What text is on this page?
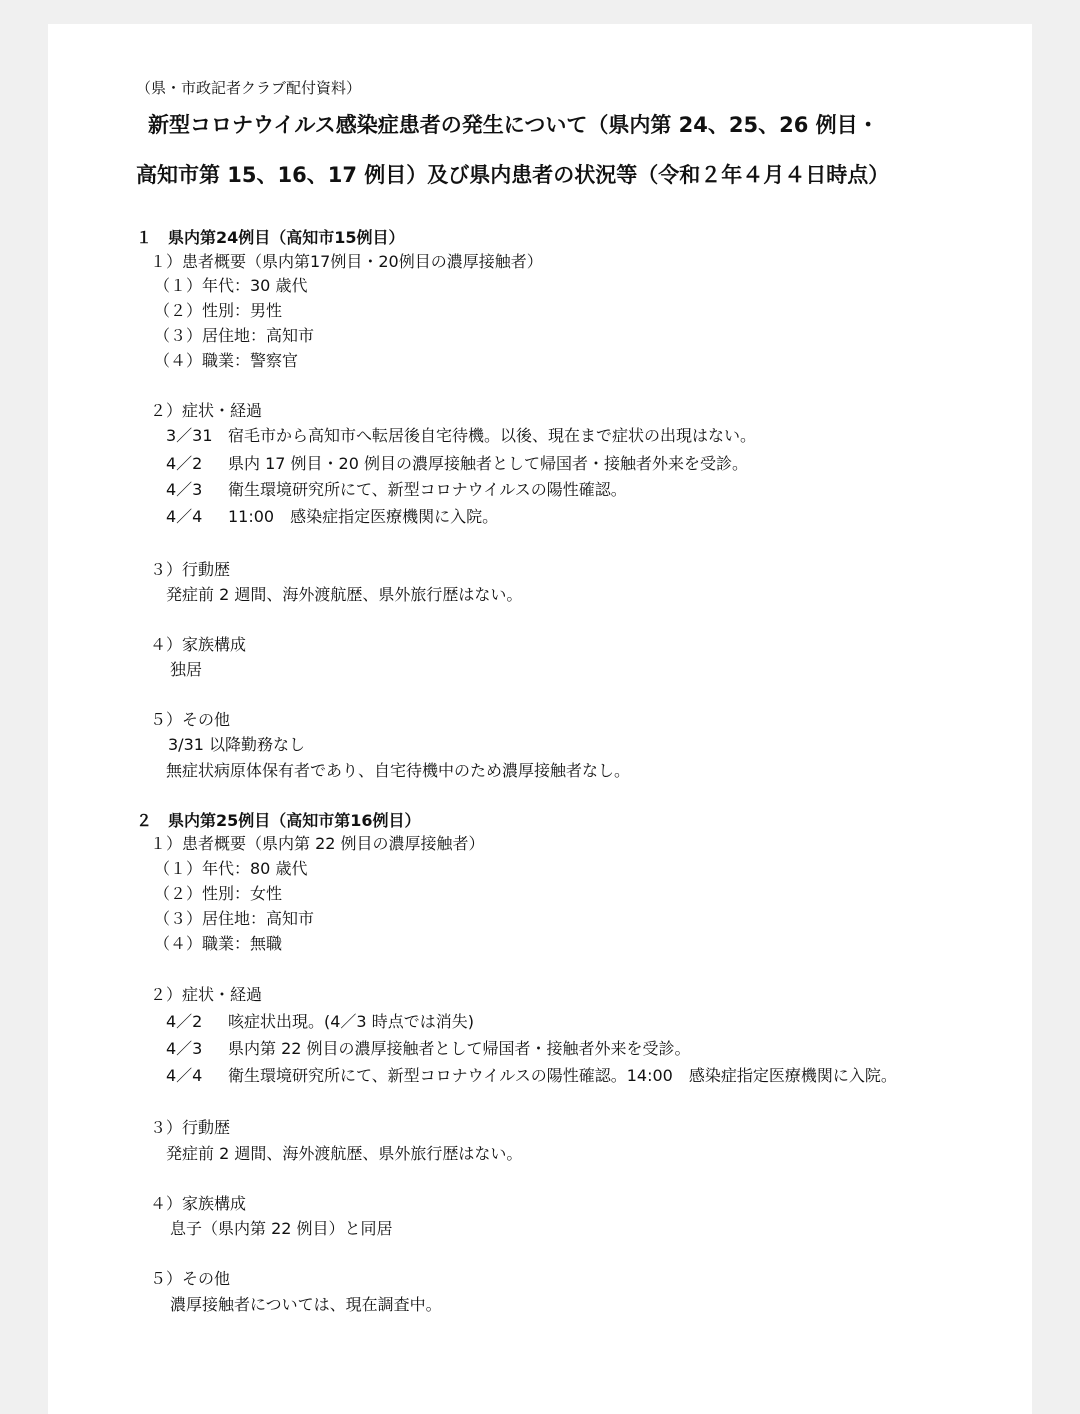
（県・市政記者クラブ配付資料）
新型コロナウイルス感染症患者の発生について（県内第 24、25、26 例目・
高知市第 15、16、17 例目）及び県内患者の状況等（令和２年４月４日時点）
１　県内第24例目（高知市15例目）
１）患者概要（県内第17例目・20例目の濃厚接触者）
（１）年代：30 歳代
（２）性別：男性
（３）居住地：高知市
（４）職業：警察官
２）症状・経過
3／31 宿毛市から高知市へ転居後自宅待機。以後、現在まで症状の出現はない。
4／2 県内 17 例目・20 例目の濃厚接触者として帰国者・接触者外来を受診。
4／3 衛生環境研究所にて、新型コロナウイルスの陽性確認。
4／4 11:00　感染症指定医療機関に入院。
３）行動歴
発症前 2 週間、海外渡航歴、県外旅行歴はない。
４）家族構成
独居
５）その他
3/31 以降勤務なし
無症状病原体保有者であり、自宅待機中のため濃厚接触者なし。
２　県内第25例目（高知市第16例目）
１）患者概要（県内第 22 例目の濃厚接触者）
（１）年代：80 歳代
（２）性別：女性
（３）居住地：高知市
（４）職業：無職
２）症状・経過
4／2 咳症状出現。(4／3 時点では消失)
4／3 県内第 22 例目の濃厚接触者として帰国者・接触者外来を受診。
4／4 衛生環境研究所にて、新型コロナウイルスの陽性確認。14:00　感染症指定医療機関に入院。
３）行動歴
発症前 2 週間、海外渡航歴、県外旅行歴はない。
４）家族構成
息子（県内第 22 例目）と同居
５）その他
濃厚接触者については、現在調査中。
